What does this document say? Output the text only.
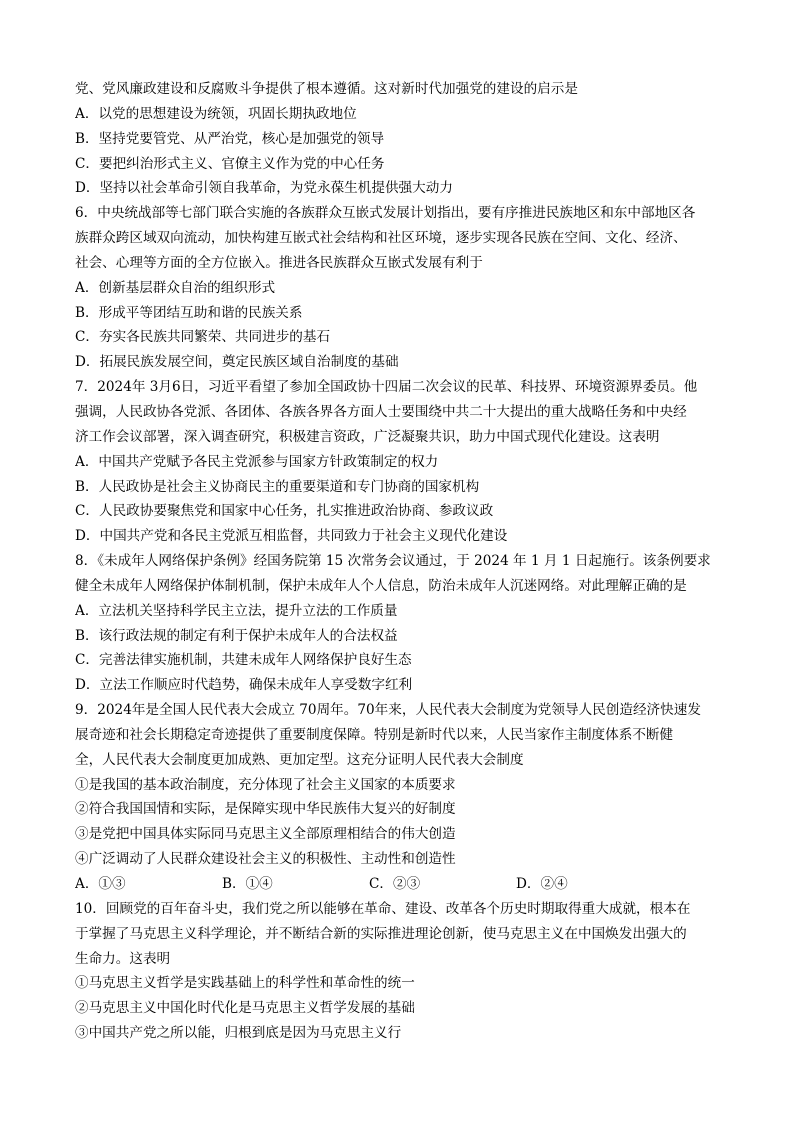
党、党风廉政建设和反腐败斗争提供了根本遵循。这对新时代加强党的建设的启示是
A．以党的思想建设为统领，巩固长期执政地位
B．坚持党要管党、从严治党，核心是加强党的领导
C．要把纠治形式主义、官僚主义作为党的中心任务
D．坚持以社会革命引领自我革命，为党永葆生机提供强大动力
6．中央统战部等七部门联合实施的各族群众互嵌式发展计划指出，要有序推进民族地区和东中部地区各
族群众跨区域双向流动，加快构建互嵌式社会结构和社区环境，逐步实现各民族在空间、文化、经济、
社会、心理等方面的全方位嵌入。推进各民族群众互嵌式发展有利于
A．创新基层群众自治的组织形式
B．形成平等团结互助和谐的民族关系
C．夯实各民族共同繁荣、共同进步的基石
D．拓展民族发展空间，奠定民族区域自治制度的基础
7．2024年 3月6日，习近平看望了参加全国政协十四届二次会议的民革、科技界、环境资源界委员。他
强调，人民政协各党派、各团体、各族各界各方面人士要围绕中共二十大提出的重大战略任务和中央经
济工作会议部署，深入调查研究，积极建言资政，广泛凝聚共识，助力中国式现代化建设。这表明
A．中国共产党赋予各民主党派参与国家方针政策制定的权力
B．人民政协是社会主义协商民主的重要渠道和专门协商的国家机构
C．人民政协要聚焦党和国家中心任务，扎实推进政治协商、参政议政
D．中国共产党和各民主党派互相监督，共同致力于社会主义现代化建设
8．《未成年人网络保护条例》经国务院第 15 次常务会议通过，于 2024 年 1 月 1 日起施行。该条例要求
健全未成年人网络保护体制机制，保护未成年人个人信息，防治未成年人沉迷网络。对此理解正确的是
A．立法机关坚持科学民主立法，提升立法的工作质量
B．该行政法规的制定有利于保护未成年人的合法权益
C．完善法律实施机制，共建未成年人网络保护良好生态
D．立法工作顺应时代趋势，确保未成年人享受数字红利
9．2024年是全国人民代表大会成立 70周年。70年来，人民代表大会制度为党领导人民创造经济快速发
展奇迹和社会长期稳定奇迹提供了重要制度保障。特别是新时代以来，人民当家作主制度体系不断健
全，人民代表大会制度更加成熟、更加定型。这充分证明人民代表大会制度
①是我国的基本政治制度，充分体现了社会主义国家的本质要求
②符合我国国情和实际，是保障实现中华民族伟大复兴的好制度
③是党把中国具体实际同马克思主义全部原理相结合的伟大创造
④广泛调动了人民群众建设社会主义的积极性、主动性和创造性
A．①③	B．①④	C．②③	D．②④
10．回顾党的百年奋斗史，我们党之所以能够在革命、建设、改革各个历史时期取得重大成就，根本在
于掌握了马克思主义科学理论，并不断结合新的实际推进理论创新，使马克思主义在中国焕发出强大的
生命力。这表明
①马克思主义哲学是实践基础上的科学性和革命性的统一
②马克思主义中国化时代化是马克思主义哲学发展的基础
③中国共产党之所以能，归根到底是因为马克思主义行
